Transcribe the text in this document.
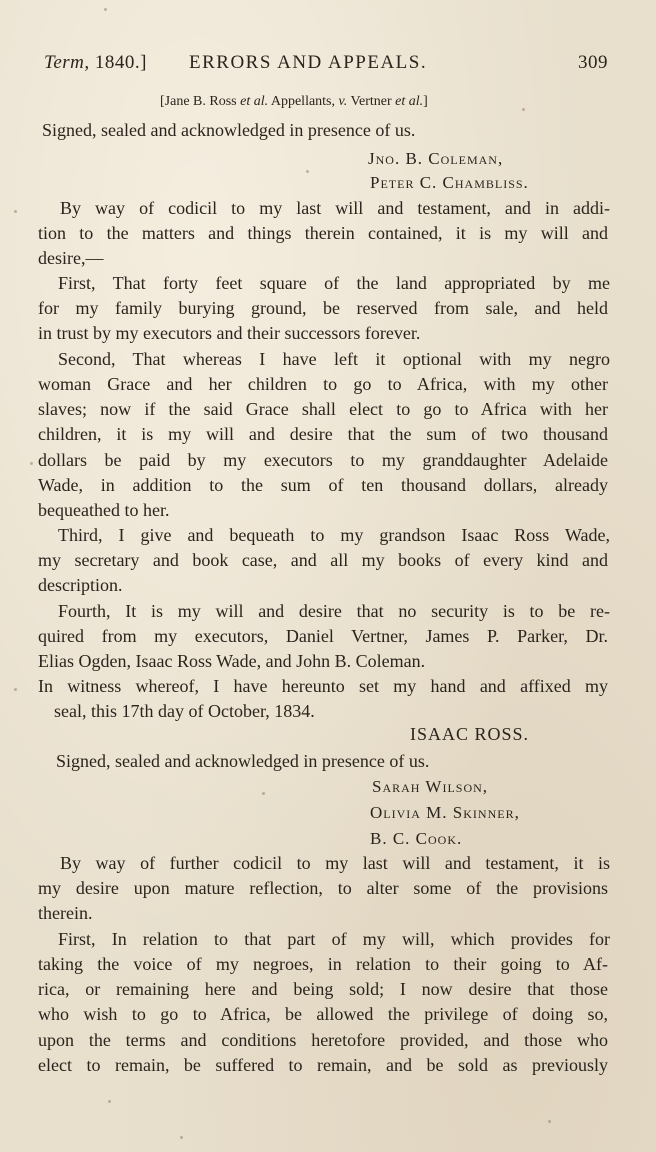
Term, 1840.] ERRORS AND APPEALS.	309
[Jane B. Ross et al. Appellants, v. Vertner et al.]
Signed, sealed and acknowledged in presence of us.
Jno. B. Coleman,
Peter C. Chambliss.
By way of codicil to my last will and testament, and in addi-
tion to the matters and things therein contained, it is my will and
desire,—
First, That forty feet square of the land appropriated by me
for my family burying ground, be reserved from sale, and held
in trust by my executors and their successors forever.
Second, That whereas I have left it optional with my negro
woman Grace and her children to go to Africa, with my other
slaves; now if the said Grace shall elect to go to Africa with her
children, it is my will and desire that the sum of two thousand
dollars be paid by my executors to my granddaughter Adelaide
Wade, in addition to the sum of ten thousand dollars, already
bequeathed to her.
Third, I give and bequeath to my grandson Isaac Ross Wade,
my secretary and book case, and all my books of every kind and
description.
Fourth, It is my will and desire that no security is to be re-
quired from my executors, Daniel Vertner, James P. Parker, Dr.
Elias Ogden, Isaac Ross Wade, and John B. Coleman.
In witness whereof, I have hereunto set my hand and affixed my
seal, this 17th day of October, 1834.
ISAAC ROSS.
Signed, sealed and acknowledged in presence of us.
Sarah Wilson,
Olivia M. Skinner,
B. C. Cook.
By way of further codicil to my last will and testament, it is
my desire upon mature reflection, to alter some of the provisions
therein.
First, In relation to that part of my will, which provides for
taking the voice of my negroes, in relation to their going to Af-
rica, or remaining here and being sold; I now desire that those
who wish to go to Africa, be allowed the privilege of doing so,
upon the terms and conditions heretofore provided, and those who
elect to remain, be suffered to remain, and be sold as previously
